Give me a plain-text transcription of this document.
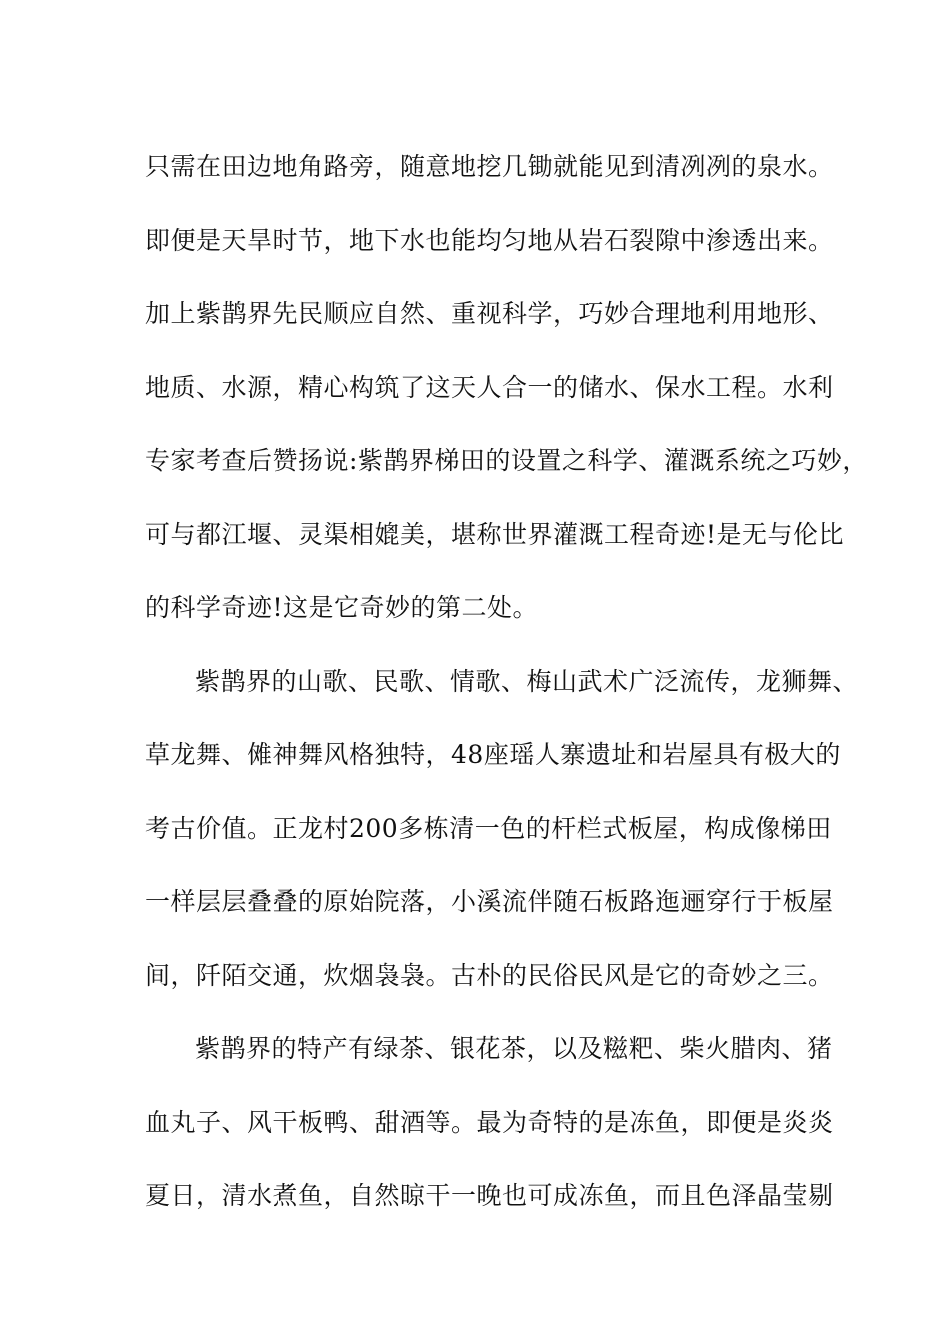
只需在田边地角路旁，随意地挖几锄就能见到清冽冽的泉水。
即便是天旱时节，地下水也能均匀地从岩石裂隙中渗透出来。
加上紫鹊界先民顺应自然、重视科学，巧妙合理地利用地形、
地质、水源，精心构筑了这天人合一的储水、保水工程。水利
专家考查后赞扬说:紫鹊界梯田的设置之科学、灌溉系统之巧妙，
可与都江堰、灵渠相媲美，堪称世界灌溉工程奇迹!是无与伦比
的科学奇迹!这是它奇妙的第二处。
紫鹊界的山歌、民歌、情歌、梅山武术广泛流传，龙狮舞、
草龙舞、傩神舞风格独特，48座瑶人寨遗址和岩屋具有极大的
考古价值。正龙村200多栋清一色的杆栏式板屋，构成像梯田
一样层层叠叠的原始院落，小溪流伴随石板路迤逦穿行于板屋
间，阡陌交通，炊烟袅袅。古朴的民俗民风是它的奇妙之三。
紫鹊界的特产有绿茶、银花茶，以及糍粑、柴火腊肉、猪
血丸子、风干板鸭、甜酒等。最为奇特的是冻鱼，即便是炎炎
夏日，清水煮鱼，自然晾干一晚也可成冻鱼，而且色泽晶莹剔
